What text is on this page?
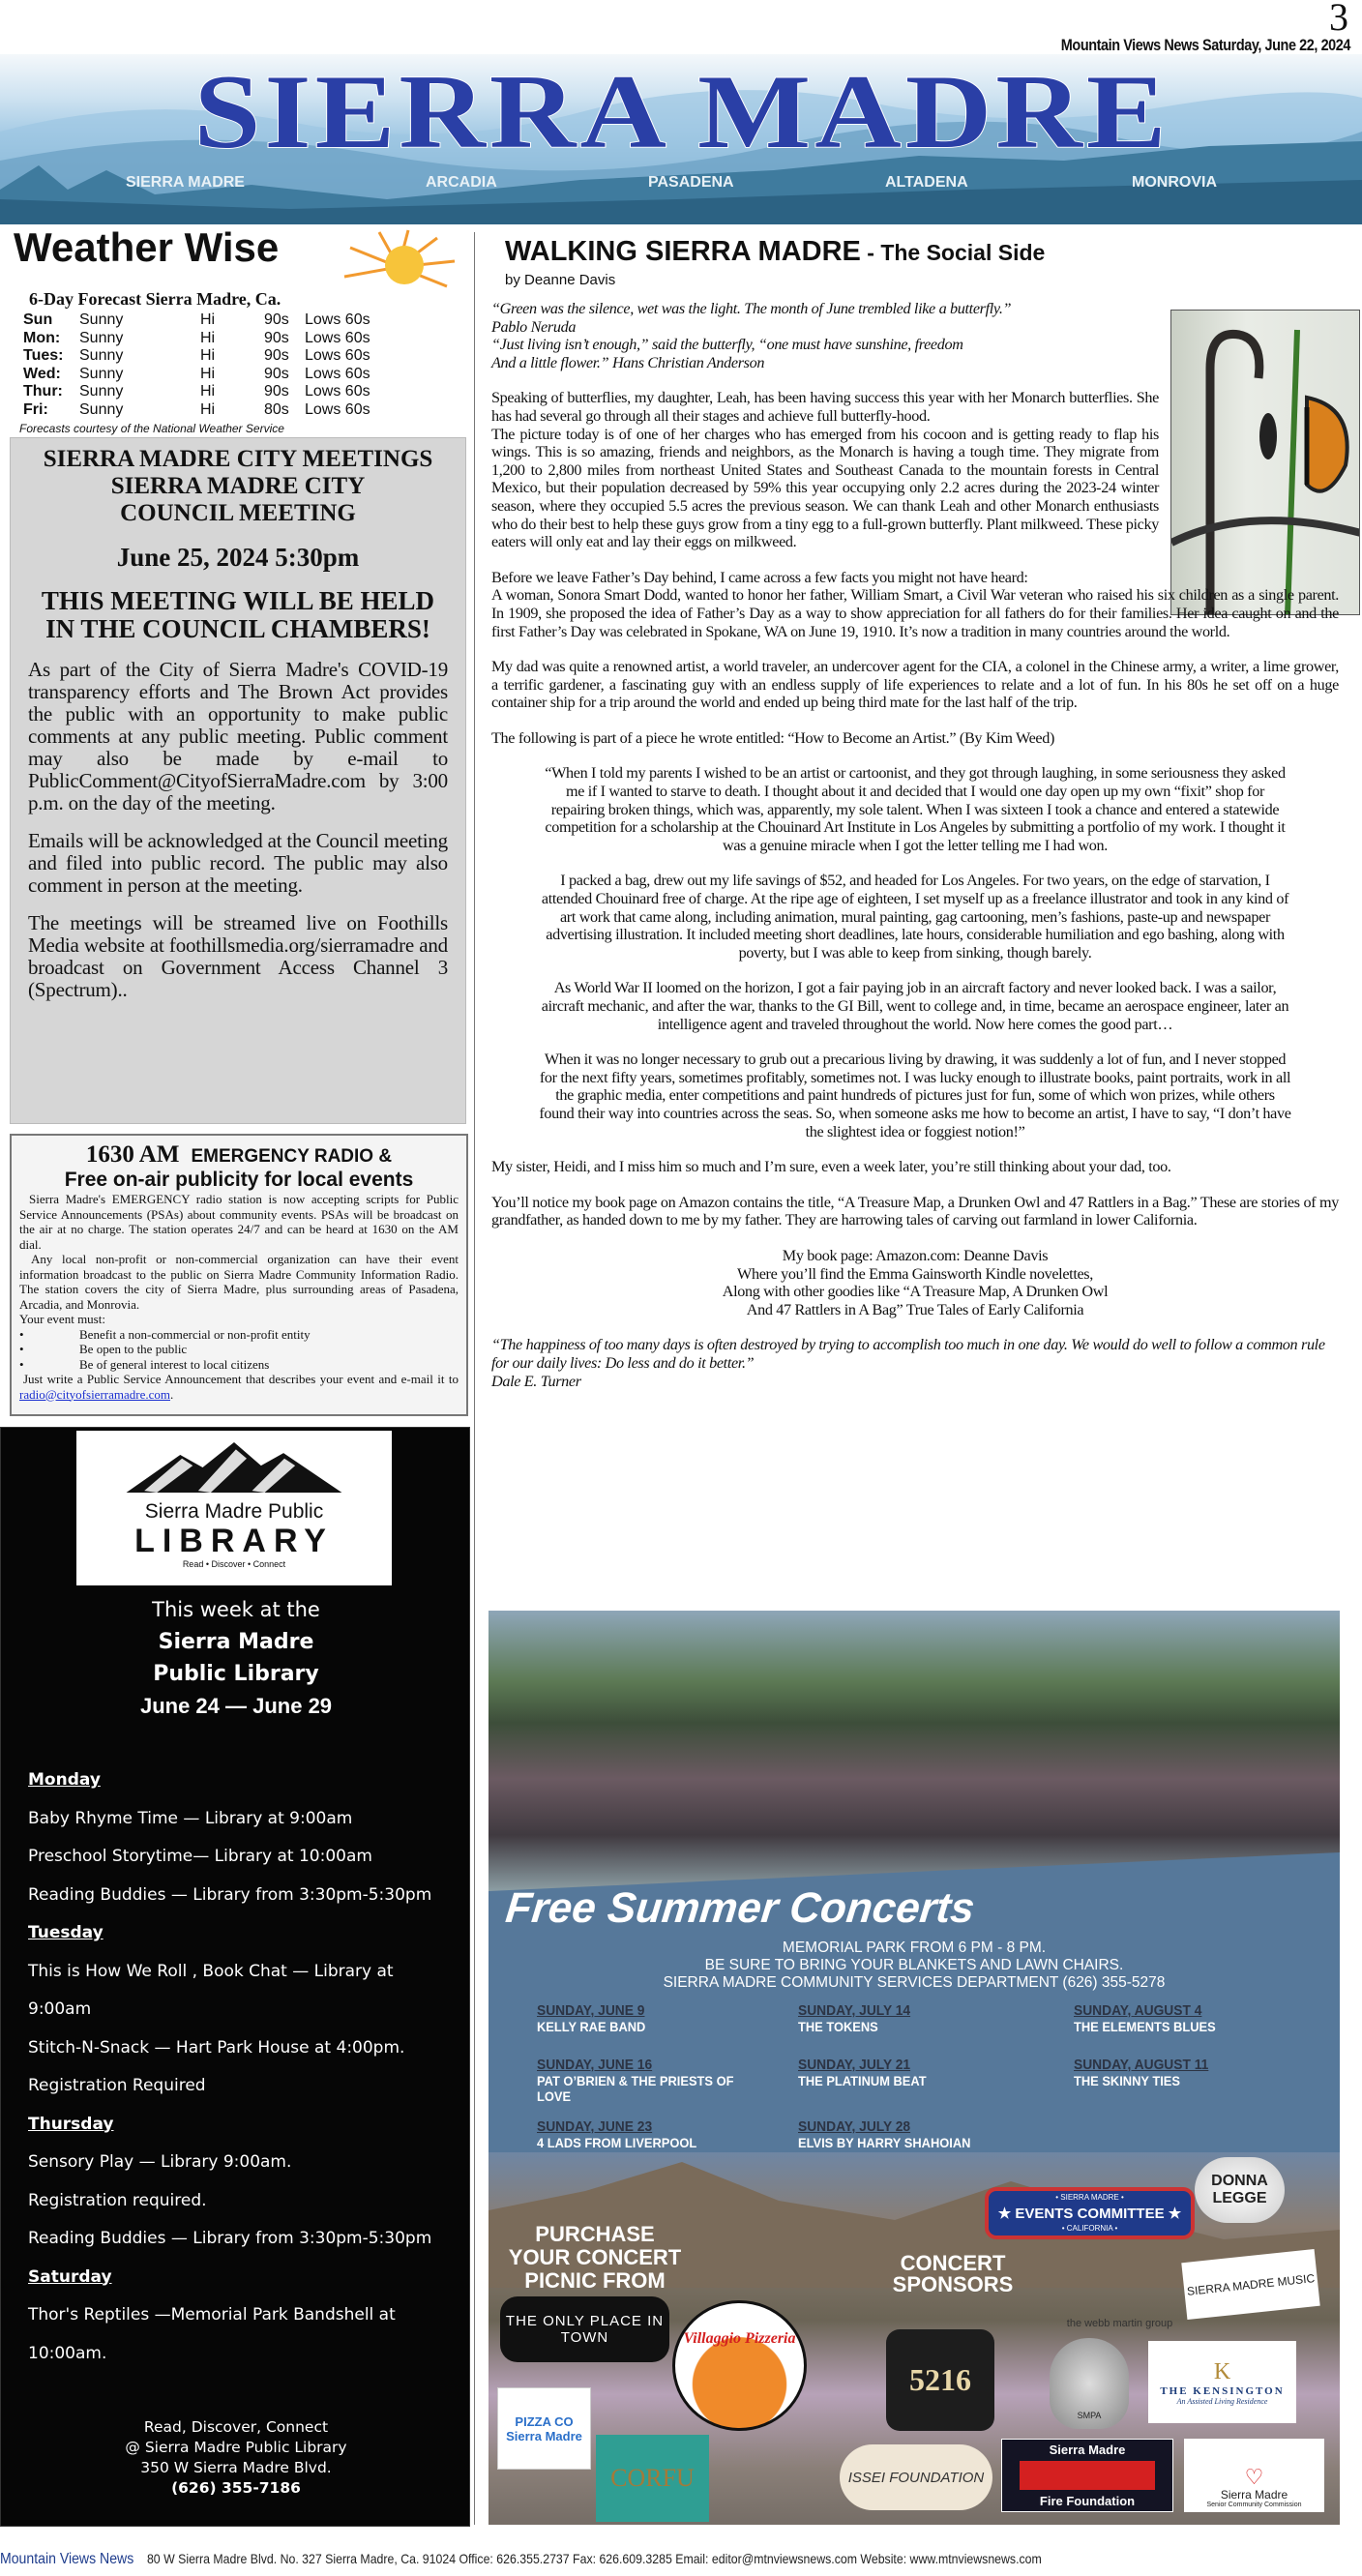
3
Mountain Views News Saturday, June 22, 2024
SIERRA MADRE
SIERRA MADRE	ARCADIA	PASADENA	ALTADENA	MONROVIA
Weather Wise
6-Day Forecast Sierra Madre, Ca.
Sun	Sunny	Hi	90s	Lows 60s
Mon:	Sunny	Hi	90s	Lows 60s
Tues:	Sunny	Hi	90s	Lows 60s
Wed:	Sunny	Hi	90s	Lows 60s
Thur:	Sunny	Hi	90s	Lows 60s
Fri:	Sunny	Hi	80s	Lows 60s
Forecasts courtesy of the National Weather Service
SIERRA MADRE CITY MEETINGS
SIERRA MADRE CITY
COUNCIL MEETING
June 25, 2024 5:30pm
THIS MEETING WILL BE HELD IN THE COUNCIL CHAMBERS!

As part of the City of Sierra Madre's COVID-19 transparency efforts and The Brown Act provides the public with an opportunity to make public comments at any public meeting. Public comment may also be made by e-mail to PublicComment@CityofSierraMadre.com by 3:00 p.m. on the day of the meeting.

Emails will be acknowledged at the Council meeting and filed into public record. The public may also comment in person at the meeting.

The meetings will be streamed live on Foothills Media website at foothillsmedia.org/sierramadre and broadcast on Government Access Channel 3 (Spectrum)..

1630 AM EMERGENCY RADIO &
Free on-air publicity for local events

Sierra Madre's EMERGENCY radio station is now accepting scripts for Public Service Announcements (PSAs) about community events. PSAs will be broadcast on the air at no charge. The station operates 24/7 and can be heard at 1630 on the AM dial.

Any local non-profit or non-commercial organization can have their event information broadcast to the public on Sierra Madre Community Information Radio. The station covers the city of Sierra Madre, plus surrounding areas of Pasadena, Arcadia, and Monrovia.

Your event must:

• Benefit a non-commercial or non-profit entity
• Be open to the public
• Be of general interest to local citizens

Just write a Public Service Announcement that describes your event and e-mail it to radio@cityofsierramadre.com.

Sierra Madre Public
LIBRARY
Read • Discover • Connect
This week at the
Sierra Madre
Public Library
June 24 — June 29
Monday
Baby Rhyme Time — Library at 9:00am
Preschool Storytime— Library at 10:00am
Reading Buddies — Library from 3:30pm-5:30pm
Tuesday
This is How We Roll , Book Chat — Library at 9:00am
Stitch-N-Snack — Hart Park House at 4:00pm.
Registration Required
Thursday
Sensory Play — Library 9:00am.
Registration required.
Reading Buddies — Library from 3:30pm-5:30pm
Saturday
Thor's Reptiles —Memorial Park Bandshell at 10:00am.
Read, Discover, Connect
@ Sierra Madre Public Library
350 W Sierra Madre Blvd.
(626) 355-7186
WALKING SIERRA MADRE - The Social Side
by Deanne Davis
“Green was the silence, wet was the light. The month of June trembled like a butterfly.”
Pablo Neruda
“Just living isn’t enough,” said the butterfly, “one must have sunshine, freedom
And a little flower.” Hans Christian Anderson

Speaking of butterflies, my daughter, Leah, has been having success this year with her Monarch butterflies. She has had several go through all their stages and achieve full butterfly-hood.

The picture today is of one of her charges who has emerged from his cocoon and is getting ready to flap his wings. This is so amazing, friends and neighbors, as the Monarch is having a tough time. They migrate from 1,200 to 2,800 miles from northeast United States and Southeast Canada to the mountain forests in Central Mexico, but their population decreased by 59% this year occupying only 2.2 acres during the 2023-24 winter season, where they occupied 5.5 acres the previous season. We can thank Leah and other Monarch enthusiasts who do their best to help these guys grow from a tiny egg to a full-grown butterfly. Plant milkweed. These picky eaters will only eat and lay their eggs on milkweed.

Before we leave Father’s Day behind, I came across a few facts you might not have heard:

A woman, Sonora Smart Dodd, wanted to honor her father, William Smart, a Civil War veteran who raised his six children as a single parent. In 1909, she proposed the idea of Father’s Day as a way to show appreciation for all fathers do for their families. Her idea caught on and the first Father’s Day was celebrated in Spokane, WA on June 19, 1910. It’s now a tradition in many countries around the world.

My dad was quite a renowned artist, a world traveler, an undercover agent for the CIA, a colonel in the Chinese army, a writer, a lime grower, a terrific gardener, a fascinating guy with an endless supply of life experiences to relate and a lot of fun. In his 80s he set off on a huge container ship for a trip around the world and ended up being third mate for the last half of the trip.

The following is part of a piece he wrote entitled: “How to Become an Artist.” (By Kim Weed)

“When I told my parents I wished to be an artist or cartoonist, and they got through laughing, in some seriousness they asked me if I wanted to starve to death. I thought about it and decided that I would one day open up my own “fixit” shop for repairing broken things, which was, apparently, my sole talent. When I was sixteen I took a chance and entered a statewide competition for a scholarship at the Chouinard Art Institute in Los Angeles by submitting a portfolio of my work. I thought it was a genuine miracle when I got the letter telling me I had won.

I packed a bag, drew out my life savings of $52, and headed for Los Angeles. For two years, on the edge of starvation, I attended Chouinard free of charge. At the ripe age of eighteen, I set myself up as a freelance illustrator and took in any kind of art work that came along, including animation, mural painting, gag cartooning, men’s fashions, paste-up and newspaper advertising illustration. It included meeting short deadlines, late hours, considerable humiliation and ego bashing, along with poverty, but I was able to keep from sinking, though barely.

As World War II loomed on the horizon, I got a fair paying job in an aircraft factory and never looked back. I was a sailor, aircraft mechanic, and after the war, thanks to the GI Bill, went to college and, in time, became an aerospace engineer, later an intelligence agent and traveled throughout the world. Now here comes the good part…

When it was no longer necessary to grub out a precarious living by drawing, it was suddenly a lot of fun, and I never stopped for the next fifty years, sometimes profitably, sometimes not. I was lucky enough to illustrate books, paint portraits, work in all the graphic media, enter competitions and paint hundreds of pictures just for fun, some of which won prizes, while others found their way into countries across the seas. So, when someone asks me how to become an artist, I have to say, “I don’t have the slightest idea or foggiest notion!”

My sister, Heidi, and I miss him so much and I’m sure, even a week later, you’re still thinking about your dad, too.

You’ll notice my book page on Amazon contains the title, “A Treasure Map, a Drunken Owl and 47 Rattlers in a Bag.” These are stories of my grandfather, as handed down to me by my father. They are harrowing tales of carving out farmland in lower California.

My book page: Amazon.com: Deanne Davis
Where you’ll find the Emma Gainsworth Kindle novelettes,
Along with other goodies like “A Treasure Map, A Drunken Owl
And 47 Rattlers in A Bag” True Tales of Early California
“The happiness of too many days is often destroyed by trying to accomplish too much in one day. We would do well to follow a common rule for our daily lives: Do less and do it better.”
Dale E. Turner
Free Summer Concerts
MEMORIAL PARK FROM 6 PM - 8 PM.
BE SURE TO BRING YOUR BLANKETS AND LAWN CHAIRS.
SIERRA MADRE COMMUNITY SERVICES DEPARTMENT (626) 355-5278
SUNDAY, JUNE 9
KELLY RAE BAND
SUNDAY, JUNE 16
PAT O’BRIEN & THE PRIESTS OF LOVE
SUNDAY, JUNE 23
4 LADS FROM LIVERPOOL
SUNDAY, JULY 14
THE TOKENS
SUNDAY, JULY 21
THE PLATINUM BEAT
SUNDAY, JULY 28
ELVIS BY HARRY SHAHOIAN
SUNDAY, AUGUST 4
THE ELEMENTS BLUES
SUNDAY, AUGUST 11
THE SKINNY TIES
DONNA LEGGE
• SIERRA MADRE •
★ EVENTS COMMITTEE ★
• CALIFORNIA •
PURCHASE YOUR CONCERT PICNIC FROM
CONCERT SPONSORS
the webb martin group
SIERRA MADRE MUSIC
THE ONLY PLACE IN TOWN	Villaggio Pizzeria
5216
SMPA
K
THE KENSINGTON
An Assisted Living Residence
PIZZA CO Sierra Madre
CORFU	ISSEI FOUNDATION
Sierra Madre
Fire Foundation
♡
Sierra Madre
Senior Community Commission
Mountain Views News 80 W Sierra Madre Blvd. No. 327 Sierra Madre, Ca. 91024 Office: 626.355.2737 Fax: 626.609.3285 Email: editor@mtnviewsnews.com Website: www.mtnviewsnews.com
